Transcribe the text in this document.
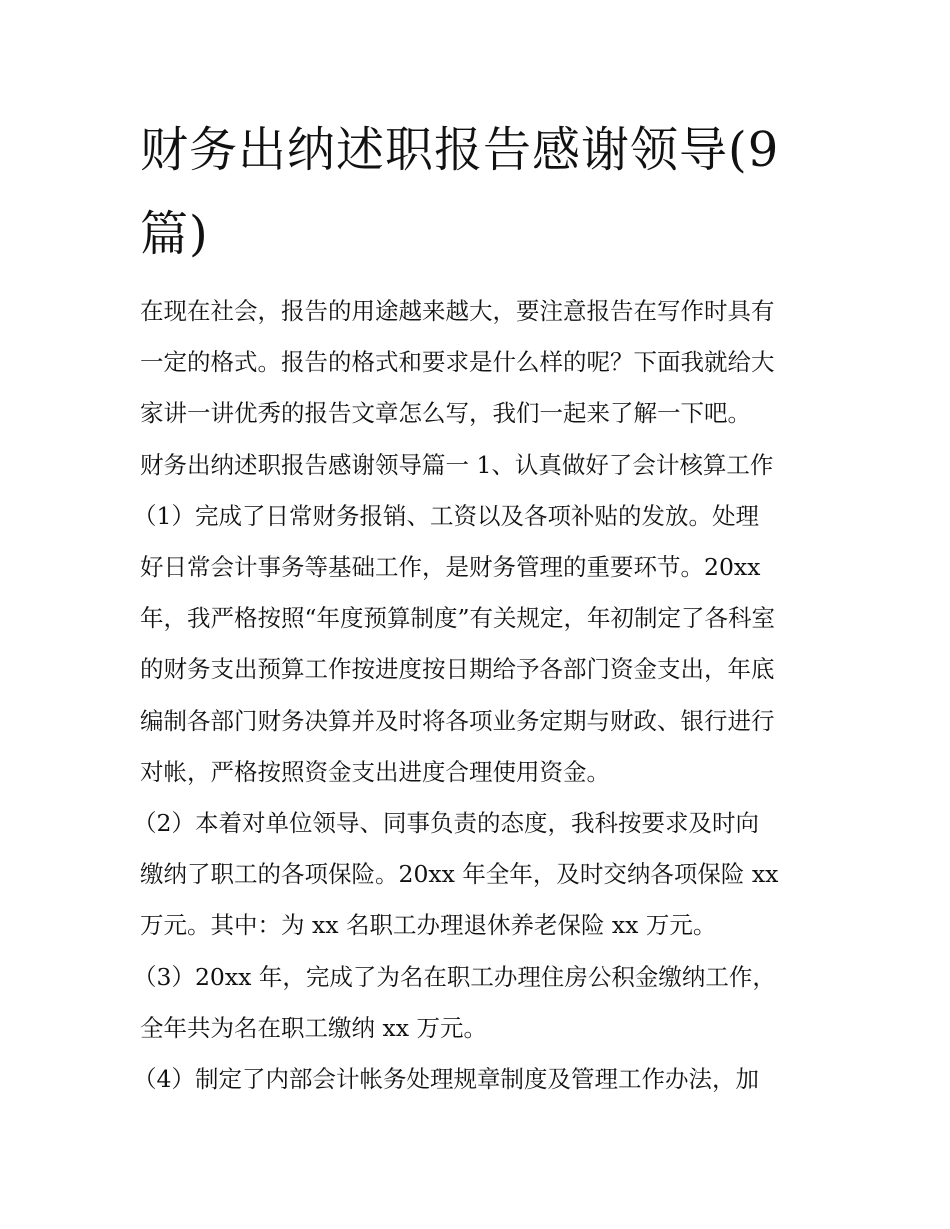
财务出纳述职报告感谢领导(9
篇)
在现在社会，报告的用途越来越大，要注意报告在写作时具有
一定的格式。报告的格式和要求是什么样的呢？下面我就给大
家讲一讲优秀的报告文章怎么写，我们一起来了解一下吧。
财务出纳述职报告感谢领导篇一 1、认真做好了会计核算工作
（1）完成了日常财务报销、工资以及各项补贴的发放。处理
好日常会计事务等基础工作，是财务管理的重要环节。20xx
年，我严格按照“年度预算制度”有关规定，年初制定了各科室
的财务支出预算工作按进度按日期给予各部门资金支出，年底
编制各部门财务决算并及时将各项业务定期与财政、银行进行
对帐，严格按照资金支出进度合理使用资金。
（2）本着对单位领导、同事负责的态度，我科按要求及时向
缴纳了职工的各项保险。20xx 年全年，及时交纳各项保险 xx
万元。其中：为 xx 名职工办理退休养老保险 xx 万元。
（3）20xx 年，完成了为名在职工办理住房公积金缴纳工作，
全年共为名在职工缴纳 xx 万元。
（4）制定了内部会计帐务处理规章制度及管理工作办法，加
